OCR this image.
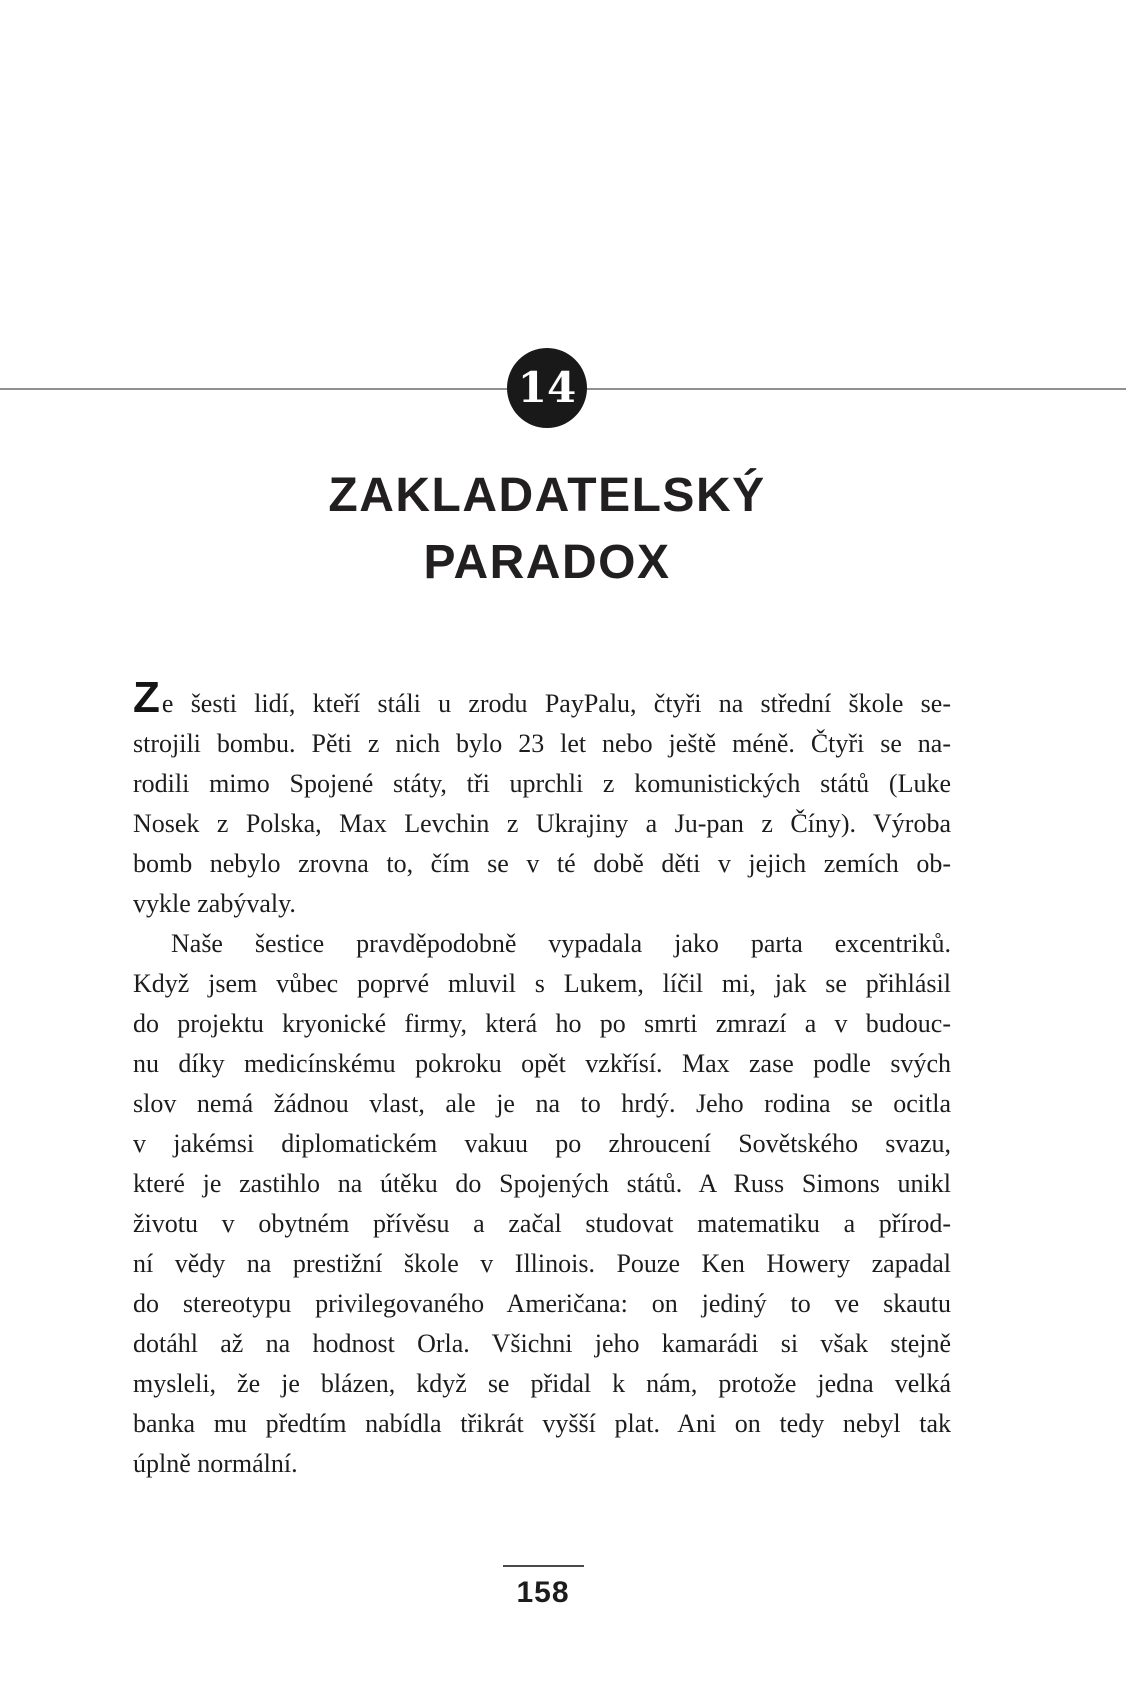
14
ZAKLADATELSKÝ
PARADOX
Ze šesti lidí, kteří stáli u zrodu PayPalu, čtyři na střední škole se-
strojili bombu. Pěti z nich bylo 23 let nebo ještě méně. Čtyři se na-
rodili mimo Spojené státy, tři uprchli z komunistických států (Luke
Nosek z Polska, Max Levchin z Ukrajiny a Ju-pan z Číny). Výroba
bomb nebylo zrovna to, čím se v té době děti v jejich zemích ob-
vykle zabývaly.
Naše šestice pravděpodobně vypadala jako parta excentriků.
Když jsem vůbec poprvé mluvil s Lukem, líčil mi, jak se přihlásil
do projektu kryonické firmy, která ho po smrti zmrazí a v budouc-
nu díky medicínskému pokroku opět vzkřísí. Max zase podle svých
slov nemá žádnou vlast, ale je na to hrdý. Jeho rodina se ocitla
v jakémsi diplomatickém vakuu po zhroucení Sovětského svazu,
které je zastihlo na útěku do Spojených států. A Russ Simons unikl
životu v obytném přívěsu a začal studovat matematiku a přírod-
ní vědy na prestižní škole v Illinois. Pouze Ken Howery zapadal
do stereotypu privilegovaného Američana: on jediný to ve skautu
dotáhl až na hodnost Orla. Všichni jeho kamarádi si však stejně
mysleli, že je blázen, když se přidal k nám, protože jedna velká
banka mu předtím nabídla třikrát vyšší plat. Ani on tedy nebyl tak
úplně normální.
158
